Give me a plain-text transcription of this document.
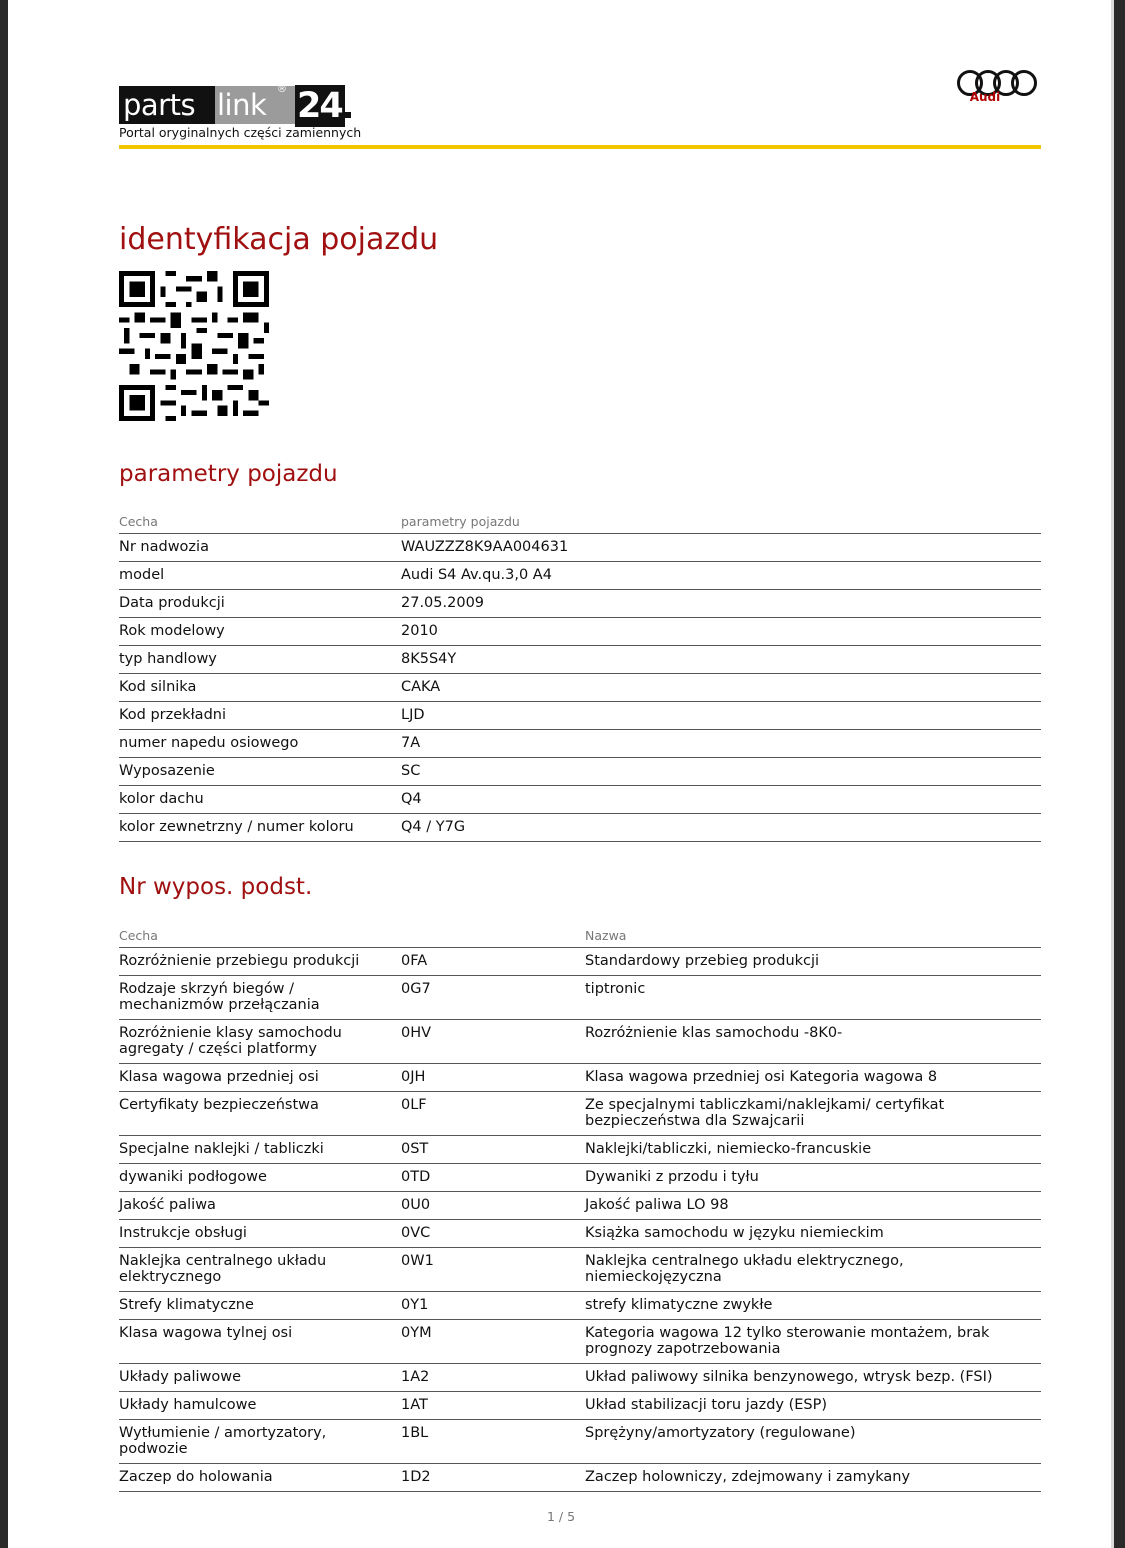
parts link	® 24
Portal oryginalnych części zamiennych
Audi
identyfikacja pojazdu
parametry pojazdu
Cecha	parametry pojazdu
Nr nadwozia	WAUZZZ8K9AA004631
model	Audi S4 Av.qu.3,0 A4
Data produkcji	27.05.2009
Rok modelowy	2010
typ handlowy	8K5S4Y
Kod silnika	CAKA
Kod przekładni	LJD
numer napedu osiowego	7A
Wyposazenie	SC
kolor dachu	Q4
kolor zewnetrzny / numer koloru	Q4 / Y7G
Nr wypos. podst.
Cecha		Nazwa
Rozróżnienie przebiegu produkcji	0FA	Standardowy przebieg produkcji
Rodzaje skrzyń biegów / mechanizmów przełączania	0G7	tiptronic
Rozróżnienie klasy samochodu agregaty / części platformy	0HV	Rozróżnienie klas samochodu -8K0-
Klasa wagowa przedniej osi	0JH	Klasa wagowa przedniej osi Kategoria wagowa 8
Certyfikaty bezpieczeństwa	0LF	Ze specjalnymi tabliczkami/naklejkami/ certyfikat bezpieczeństwa dla Szwajcarii
Specjalne naklejki / tabliczki	0ST	Naklejki/tabliczki, niemiecko-francuskie
dywaniki podłogowe	0TD	Dywaniki z przodu i tyłu
Jakość paliwa	0U0	Jakość paliwa LO 98
Instrukcje obsługi	0VC	Książka samochodu w języku niemieckim
Naklejka centralnego układu elektrycznego	0W1	Naklejka centralnego układu elektrycznego, niemieckojęzyczna
Strefy klimatyczne	0Y1	strefy klimatyczne zwykłe
Klasa wagowa tylnej osi	0YM	Kategoria wagowa 12 tylko sterowanie montażem, brak prognozy zapotrzebowania
Układy paliwowe	1A2	Układ paliwowy silnika benzynowego, wtrysk bezp. (FSI)
Układy hamulcowe	1AT	Układ stabilizacji toru jazdy (ESP)
Wytłumienie / amortyzatory, podwozie	1BL	Sprężyny/amortyzatory (regulowane)
Zaczep do holowania	1D2	Zaczep holowniczy, zdejmowany i zamykany
1 / 5
